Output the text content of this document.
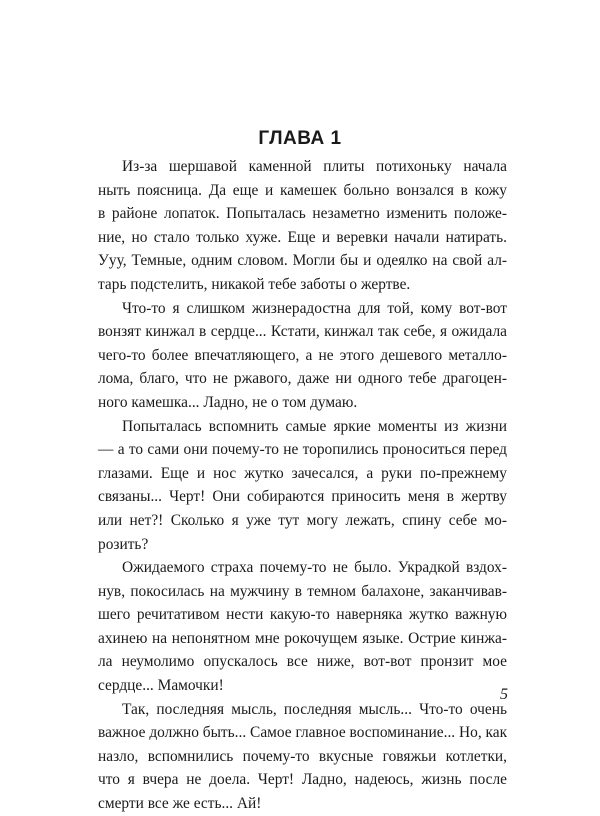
ГЛАВА 1
Из-за шершавой каменной плиты потихоньку начала
ныть поясница. Да еще и камешек больно вонзался в кожу
в районе лопаток. Попыталась незаметно изменить положе-
ние, но стало только хуже. Еще и веревки начали натирать.
Ууу, Темные, одним словом. Могли бы и одеялко на свой ал-
тарь подстелить, никакой тебе заботы о жертве.
Что-то я слишком жизнерадостна для той, кому вот-вот
вонзят кинжал в сердце... Кстати, кинжал так себе, я ожидала
чего-то более впечатляющего, а не этого дешевого металло-
лома, благо, что не ржавого, даже ни одного тебе драгоцен-
ного камешка... Ладно, не о том думаю.
Попыталась вспомнить самые яркие моменты из жизни
— а то сами они почему-то не торопились проноситься перед
глазами. Еще и нос жутко зачесался, а руки по-прежнему
связаны... Черт! Они собираются приносить меня в жертву
или нет?! Сколько я уже тут могу лежать, спину себе мо-
розить?
Ожидаемого страха почему-то не было. Украдкой вздох-
нув, покосилась на мужчину в темном балахоне, заканчивав-
шего речитативом нести какую-то наверняка жутко важную
ахинею на непонятном мне рокочущем языке. Острие кинжа-
ла неумолимо опускалось все ниже, вот-вот пронзит мое
сердце... Мамочки!
Так, последняя мысль, последняя мысль... Что-то очень
важное должно быть... Самое главное воспоминание... Но, как
назло, вспомнились почему-то вкусные говяжьи котлетки,
что я вчера не доела. Черт! Ладно, надеюсь, жизнь после
смерти все же есть... Ай!
5
